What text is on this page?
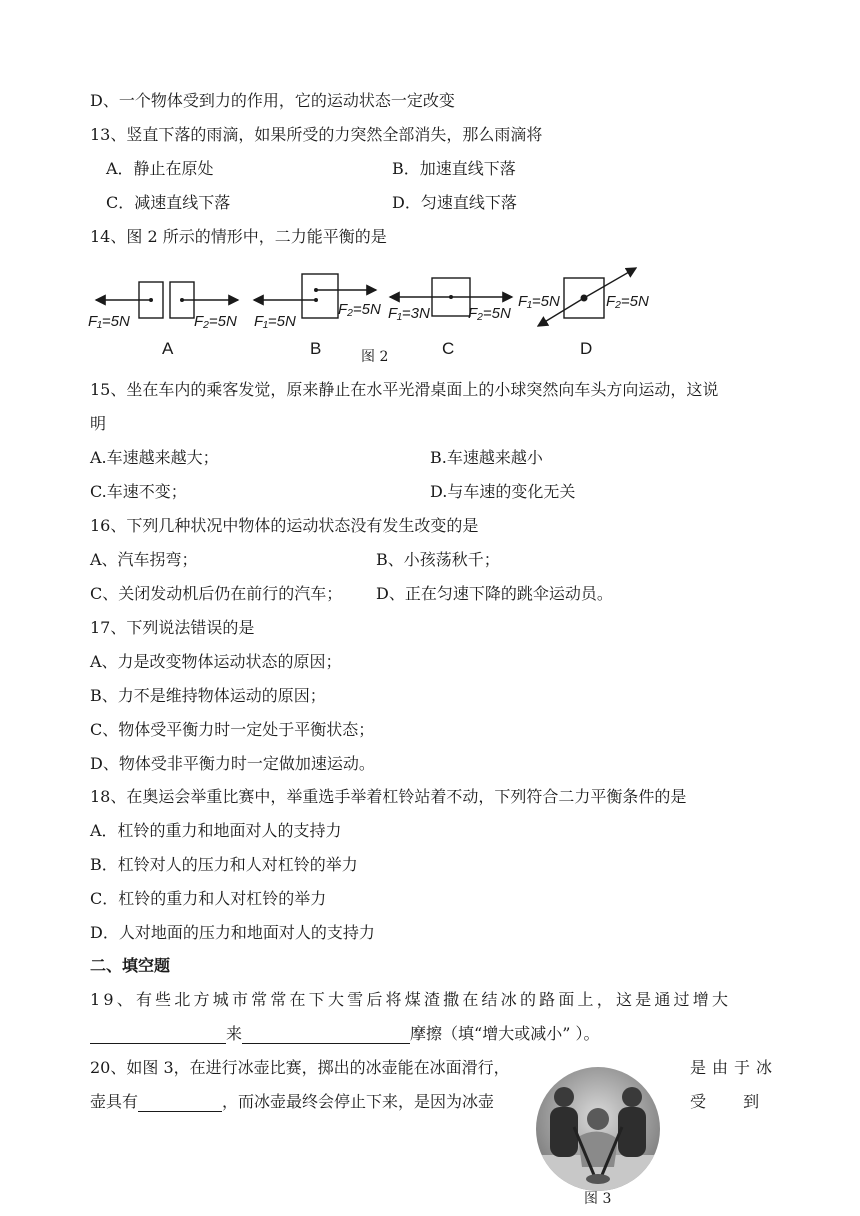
D、一个物体受到力的作用，它的运动状态一定改变
13、竖直下落的雨滴，如果所受的力突然全部消失，那么雨滴将
A．静止在原处	B．加速直线下落
C．减速直线下落	D．匀速直线下落
14、图 2 所示的情形中，二力能平衡的是
F₁=5N	F₂=5N F₁=5N
F₂=5N F₁=3N	F₂=5N
F₁=5N	F₂=5N
A	B	C	D
图 2
15、坐在车内的乘客发觉，原来静止在水平光滑桌面上的小球突然向车头方向运动，这说
明
A.车速越来越大；	B.车速越来越小
C.车速不变；	D.与车速的变化无关
16、下列几种状况中物体的运动状态没有发生改变的是
A、汽车拐弯；	B、小孩荡秋千；
C、关闭发动机后仍在前行的汽车； D、正在匀速下降的跳伞运动员。
17、下列说法错误的是
A、力是改变物体运动状态的原因；
B、力不是维持物体运动的原因；
C、物体受平衡力时一定处于平衡状态；
D、物体受非平衡力时一定做加速运动。
18、在奥运会举重比赛中，举重选手举着杠铃站着不动，下列符合二力平衡条件的是
A．杠铃的重力和地面对人的支持力
B．杠铃对人的压力和人对杠铃的举力
C．杠铃的重力和人对杠铃的举力
D．人对地面的压力和地面对人的支持力
二、填空题
19、有些北方城市常常在下大雪后将煤渣撒在结冰的路面上，这是通过增大
来	摩擦（填“增大或减小” ）。
20、如图 3，在进行冰壶比赛，掷出的冰壶能在冰面滑行，	是由于冰
壶具有	，而冰壶最终会停止下来，是因为冰壶	受 到
图 3
